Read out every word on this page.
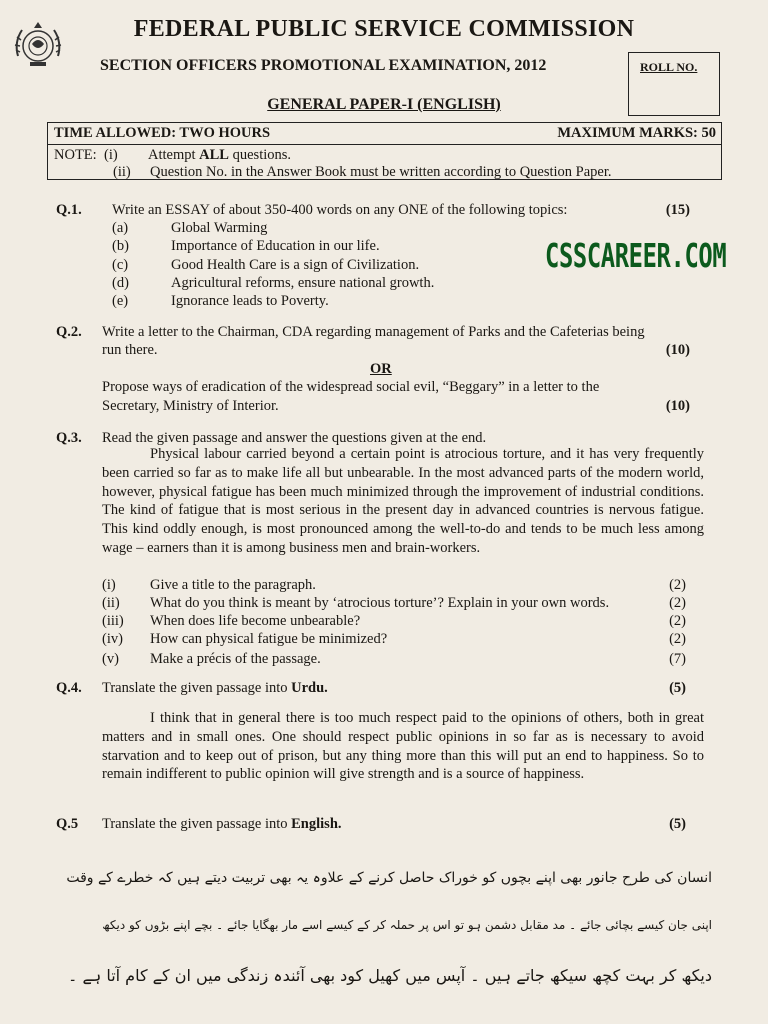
FEDERAL PUBLIC SERVICE COMMISSION
SECTION OFFICERS PROMOTIONAL EXAMINATION, 2012	ROLL NO.
GENERAL PAPER-I (ENGLISH)
TIME ALLOWED: TWO HOURS	MAXIMUM MARKS: 50
NOTE: (i) Attempt ALL questions.
(ii) Question No. in the Answer Book must be written according to Question Paper.
CSSCAREER.COM
Q.1. Write an ESSAY of about 350-400 words on any ONE of the following topics:	(15)
(a)	Global Warming
(b)	Importance of Education in our life.
(c)	Good Health Care is a sign of Civilization.
(d)	Agricultural reforms, ensure national growth.
(e)	Ignorance leads to Poverty.
Q.2. Write a letter to the Chairman, CDA regarding management of Parks and the Cafeterias being
run there.	(10)
OR
Propose ways of eradication of the widespread social evil, “Beggary” in a letter to the
Secretary, Ministry of Interior.	(10)
Q.3. Read the given passage and answer the questions given at the end.
Physical labour carried beyond a certain point is atrocious torture, and it has very frequently been carried so far as to make life all but unbearable. In the most advanced parts of the modern world, however, physical fatigue has been much minimized through the improvement of industrial conditions. The kind of fatigue that is most serious in the present day in advanced countries is nervous fatigue. This kind oddly enough, is most pronounced among the well-to-do and tends to be much less among wage – earners than it is among business men and brain-workers.
(i) Give a title to the paragraph.	(2)
(ii) What do you think is meant by ‘atrocious torture’? Explain in your own words.	(2)
(iii) When does life become unbearable?	(2)
(iv) How can physical fatigue be minimized?	(2)
(v) Make a précis of the passage.	(7)
Q.4. Translate the given passage into Urdu.	(5)
I think that in general there is too much respect paid to the opinions of others, both in great matters and in small ones. One should respect public opinions in so far as is necessary to avoid starvation and to keep out of prison, but any thing more than this will put an end to happiness. So to remain indifferent to public opinion will give strength and is a source of happiness.
Q.5 Translate the given passage into English.	(5)
انسان کی طرح جانور بھی اپنے بچوں کو خوراک حاصل کرنے کے علاوہ یہ بھی تربیت دیتے ہیں کہ خطرے کے وقت
اپنی جان کیسے بچائی جائے ۔ مد مقابل دشمن ہو تو اس پر حملہ کر کے کیسے اسے مار بھگایا جائے ۔ بچے اپنے بڑوں کو دیکھ
دیکھ کر بہت کچھ سیکھ جاتے ہیں ۔ آپس میں کھیل کود بھی آئندہ زندگی میں ان کے کام آتا ہے ۔
